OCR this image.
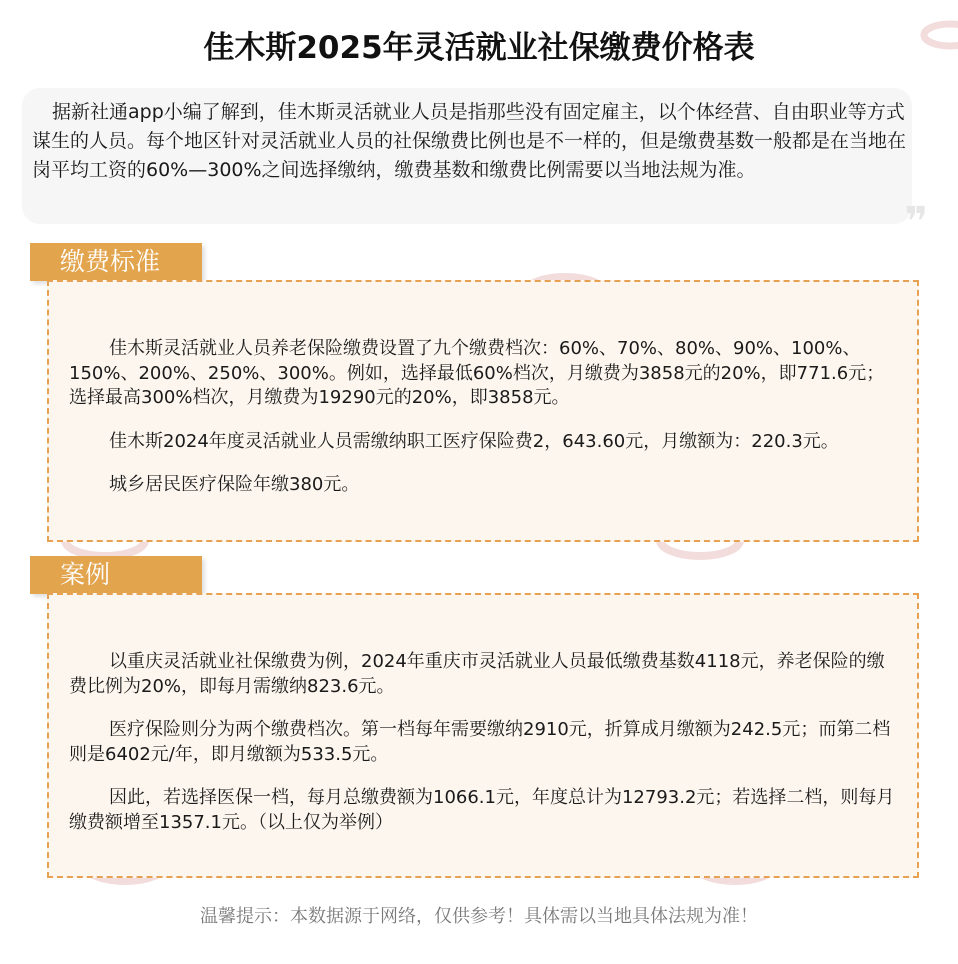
佳木斯2025年灵活就业社保缴费价格表
据新社通app小编了解到，佳木斯灵活就业人员是指那些没有固定雇主，以个体经营、自由职业等方式谋生的人员。每个地区针对灵活就业人员的社保缴费比例也是不一样的，但是缴费基数一般都是在当地在岗平均工资的60%—300%之间选择缴纳，缴费基数和缴费比例需要以当地法规为准。
❞
缴费标准

佳木斯灵活就业人员养老保险缴费设置了九个缴费档次：60%、70%、80%、90%、100%、150%、200%、250%、300%。例如，选择最低60%档次，月缴费为3858元的20%，即771.6元；选择最高300%档次，月缴费为19290元的20%，即3858元。

佳木斯2024年度灵活就业人员需缴纳职工医疗保险费2，643.60元，月缴额为：220.3元。

城乡居民医疗保险年缴380元。

案例

以重庆灵活就业社保缴费为例，2024年重庆市灵活就业人员最低缴费基数4118元，养老保险的缴费比例为20%，即每月需缴纳823.6元。

医疗保险则分为两个缴费档次。第一档每年需要缴纳2910元，折算成月缴额为242.5元；而第二档则是6402元/年，即月缴额为533.5元。

因此，若选择医保一档，每月总缴费额为1066.1元，年度总计为12793.2元；若选择二档，则每月缴费额增至1357.1元。（以上仅为举例）

温馨提示：本数据源于网络，仅供参考！具体需以当地具体法规为准！
